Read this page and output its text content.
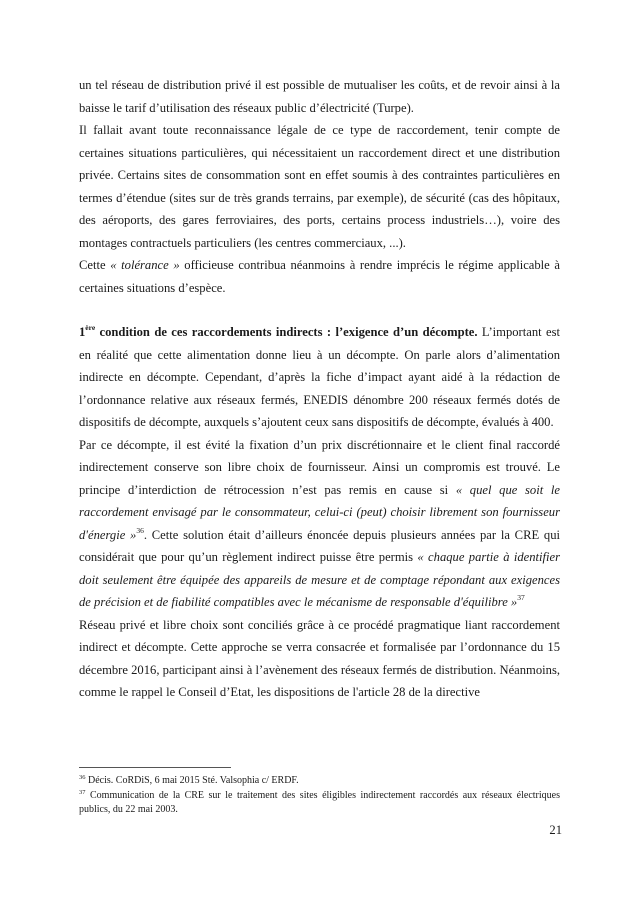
un tel réseau de distribution privé il est possible de mutualiser les coûts, et de revoir ainsi à la baisse le tarif d’utilisation des réseaux public d’électricité (Turpe).

Il fallait avant toute reconnaissance légale de ce type de raccordement, tenir compte de certaines situations particulières, qui nécessitaient un raccordement direct et une distribution privée. Certains sites de consommation sont en effet soumis à des contraintes particulières en termes d’étendue (sites sur de très grands terrains, par exemple), de sécurité (cas des hôpitaux, des aéroports, des gares ferroviaires, des ports, certains process industriels…), voire des montages contractuels particuliers (les centres commerciaux, ...).

Cette « tolérance » officieuse contribua néanmoins à rendre imprécis le régime applicable à certaines situations d’espèce.

1ère condition de ces raccordements indirects : l’exigence d’un décompte. L’important est en réalité que cette alimentation donne lieu à un décompte. On parle alors d’alimentation indirecte en décompte. Cependant, d’après la fiche d’impact ayant aidé à la rédaction de l’ordonnance relative aux réseaux fermés, ENEDIS dénombre 200 réseaux fermés dotés de dispositifs de décompte, auxquels s’ajoutent ceux sans dispositifs de décompte, évalués à 400.

Par ce décompte, il est évité la fixation d’un prix discrétionnaire et le client final raccordé indirectement conserve son libre choix de fournisseur. Ainsi un compromis est trouvé. Le principe d’interdiction de rétrocession n’est pas remis en cause si « quel que soit le raccordement envisagé par le consommateur, celui-ci (peut) choisir librement son fournisseur d'énergie »$^{36}$. Cette solution était d’ailleurs énoncée depuis plusieurs années par la CRE qui considérait que pour qu’un règlement indirect puisse être permis « chaque partie à identifier doit seulement être équipée des appareils de mesure et de comptage répondant aux exigences de précision et de fiabilité compatibles avec le mécanisme de responsable d'équilibre »$^{37}$

Réseau privé et libre choix sont conciliés grâce à ce procédé pragmatique liant raccordement indirect et décompte. Cette approche se verra consacrée et formalisée par l’ordonnance du 15 décembre 2016, participant ainsi à l’avènement des réseaux fermés de distribution. Néanmoins, comme le rappel le Conseil d’Etat, les dispositions de l'article 28 de la directive

$^{36}$ Décis. CoRDiS, 6 mai 2015 Sté. Valsophia c/ ERDF.

$^{37}$ Communication de la CRE sur le traitement des sites éligibles indirectement raccordés aux réseaux électriques publics, du 22 mai 2003.

21
